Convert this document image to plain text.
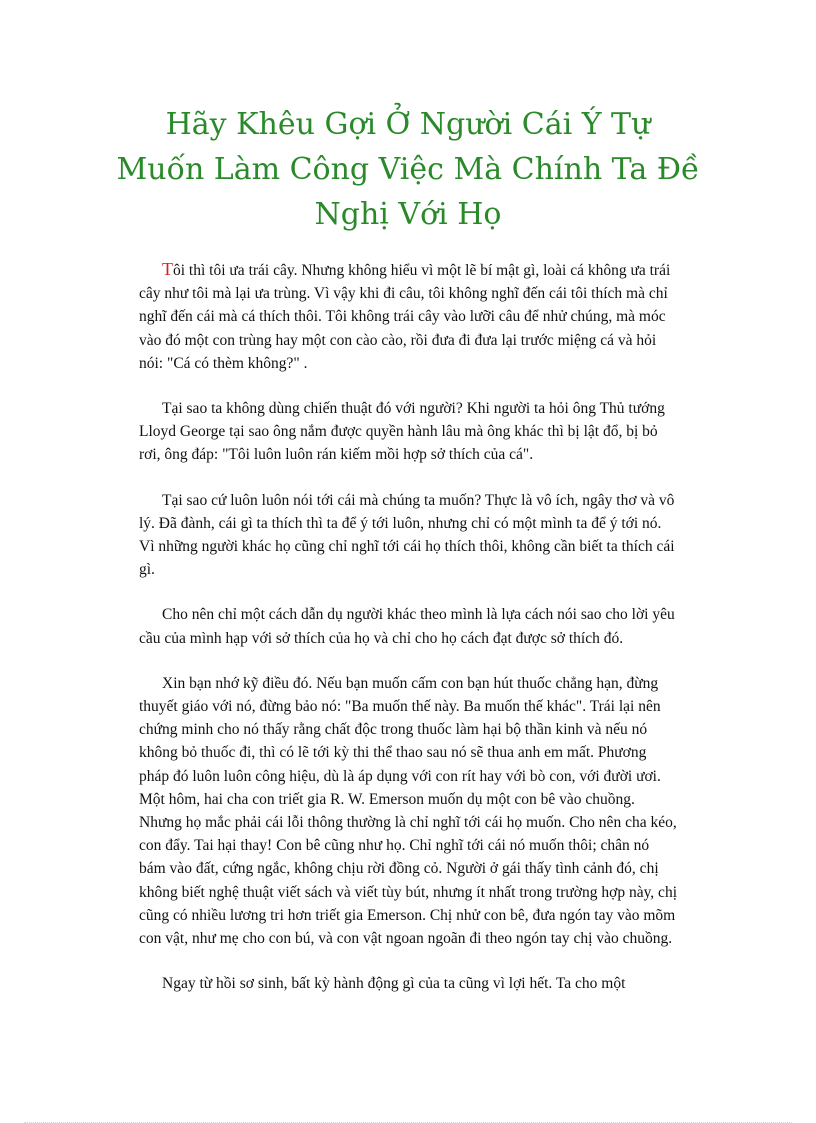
Hãy Khêu Gợi Ở Người Cái Ý Tự
Muốn Làm Công Việc Mà Chính Ta Đề
Nghị Với Họ

Tôi thì tôi ưa trái cây. Nhưng không hiểu vì một lẽ bí mật gì, loài cá không ưa trái cây như tôi mà lại ưa trùng. Vì vậy khi đi câu, tôi không nghĩ đến cái tôi thích mà chỉ nghĩ đến cái mà cá thích thôi. Tôi không trái cây vào lưỡi câu để nhử chúng, mà móc vào đó một con trùng hay một con cào cào, rồi đưa đi đưa lại trước miệng cá và hỏi nói: "Cá có thèm không?" .

Tại sao ta không dùng chiến thuật đó với người? Khi người ta hỏi ông Thủ tướng Lloyd George tại sao ông nắm được quyền hành lâu mà ông khác thì bị lật đổ, bị bỏ rơi, ông đáp: "Tôi luôn luôn rán kiếm mồi hợp sở thích của cá".

Tại sao cứ luôn luôn nói tới cái mà chúng ta muốn? Thực là vô ích, ngây thơ và vô lý. Đã đành, cái gì ta thích thì ta để ý tới luôn, nhưng chỉ có một mình ta để ý tới nó. Vì những người khác họ cũng chỉ nghĩ tới cái họ thích thôi, không cần biết ta thích cái gì.

Cho nên chỉ một cách dẫn dụ người khác theo mình là lựa cách nói sao cho lời yêu cầu của mình hạp với sở thích của họ và chỉ cho họ cách đạt được sở thích đó.

Xin bạn nhớ kỹ điều đó. Nếu bạn muốn cấm con bạn hút thuốc chẳng hạn, đừng thuyết giáo với nó, đừng bảo nó: "Ba muốn thế này. Ba muốn thế khác". Trái lại nên chứng minh cho nó thấy rằng chất độc trong thuốc làm hại bộ thần kinh và nếu nó không bỏ thuốc đi, thì có lẽ tới kỳ thi thể thao sau nó sẽ thua anh em mất. Phương pháp đó luôn luôn công hiệu, dù là áp dụng với con rít hay với bò con, với đười ươi. Một hôm, hai cha con triết gia R. W. Emerson muốn dụ một con bê vào chuồng. Nhưng họ mắc phải cái lỗi thông thường là chỉ nghĩ tới cái họ muốn. Cho nên cha kéo, con đẩy. Tai hại thay! Con bê cũng như họ. Chỉ nghĩ tới cái nó muốn thôi; chân nó bám vào đất, cứng ngắc, không chịu rời đồng cỏ. Người ở gái thấy tình cảnh đó, chị không biết nghệ thuật viết sách và viết tùy bút, nhưng ít nhất trong trường hợp này, chị cũng có nhiều lương tri hơn triết gia Emerson. Chị nhử con bê, đưa ngón tay vào mõm con vật, như mẹ cho con bú, và con vật ngoan ngoãn đi theo ngón tay chị vào chuồng.

Ngay từ hồi sơ sinh, bất kỳ hành động gì của ta cũng vì lợi hết. Ta cho một
